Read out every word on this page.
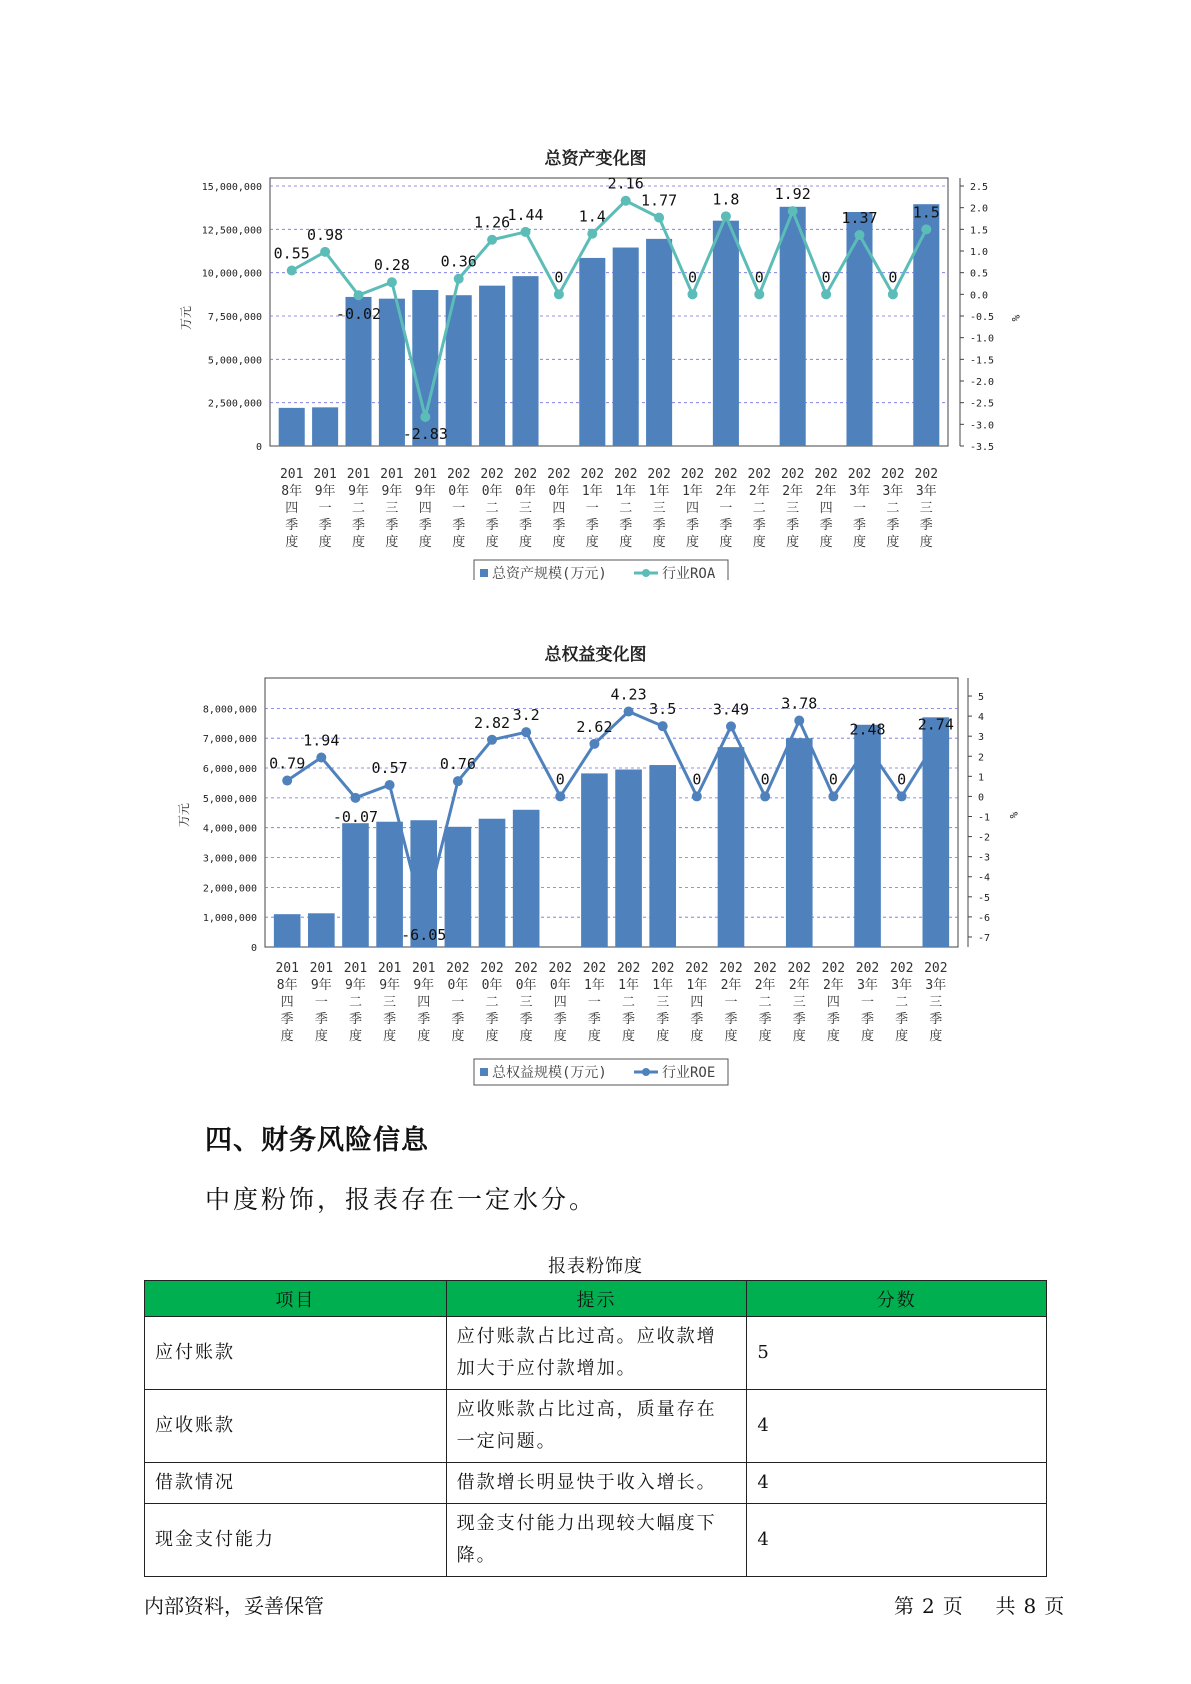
总资产变化图
15,000,000
12,500,000
10,000,000
7,500,000
5,000,000
2,500,000
0
2.5
2.0
1.5
1.0
0.5
0.0
-0.5
-1.0
-1.5
-2.0
-2.5
-3.0
-3.5
万元	%
0.55
0.98
-0.02
0.28
-2.83
0.36
1.26
1.44
0
1.4
2.16
1.77
0
1.8
0
1.92
0
1.37
0
1.5
201
8年
四
季
度
201
9年
一
季
度
201
9年
二
季
度
201
9年
三
季
度
201
9年
四
季
度
202
0年
一
季
度
202
0年
二
季
度
202
0年
三
季
度
202
0年
四
季
度
202
1年
一
季
度
202
1年
二
季
度
202
1年
三
季
度
202
1年
四
季
度
202
2年
一
季
度
202
2年
二
季
度
202
2年
三
季
度
202
2年
四
季
度
202
3年
一
季
度
202
3年
二
季
度
202
3年
三
季
度
总资产规模(万元)	行业ROA
总权益变化图
8,000,000
7,000,000
6,000,000
5,000,000
4,000,000
3,000,000
2,000,000
1,000,000
0
5
4
3
2
1
0
-1
-2
-3
-4
-5
-6
-7
万元	%
0.79
1.94
-0.07
0.57
-6.05
0.76
2.82 3.2
0
2.62
4.23
3.5
0
3.49
0
3.78
0
2.48
0
2.74
201
8年
四
季
度
201
9年
一
季
度
201
9年
二
季
度
201
9年
三
季
度
201
9年
四
季
度
202
0年
一
季
度
202
0年
二
季
度
202
0年
三
季
度
202
0年
四
季
度
202
1年
一
季
度
202
1年
二
季
度
202
1年
三
季
度
202
1年
四
季
度
202
2年
一
季
度
202
2年
二
季
度
202
2年
三
季
度
202
2年
四
季
度
202
3年
一
季
度
202
3年
二
季
度
202
3年
三
季
度
总权益规模(万元)	行业ROE
四、财务风险信息
中度粉饰，报表存在一定水分。
报表粉饰度
项目	提示	分数
应付账款	应付账款占比过高。应收款增加大于应付款增加。	5
应收账款	应收账款占比过高，质量存在一定问题。	4
借款情况	借款增长明显快于收入增长。	4
现金支付能力	现金支付能力出现较大幅度下降。	4
内部资料，妥善保管	第 2 页 共 8 页
